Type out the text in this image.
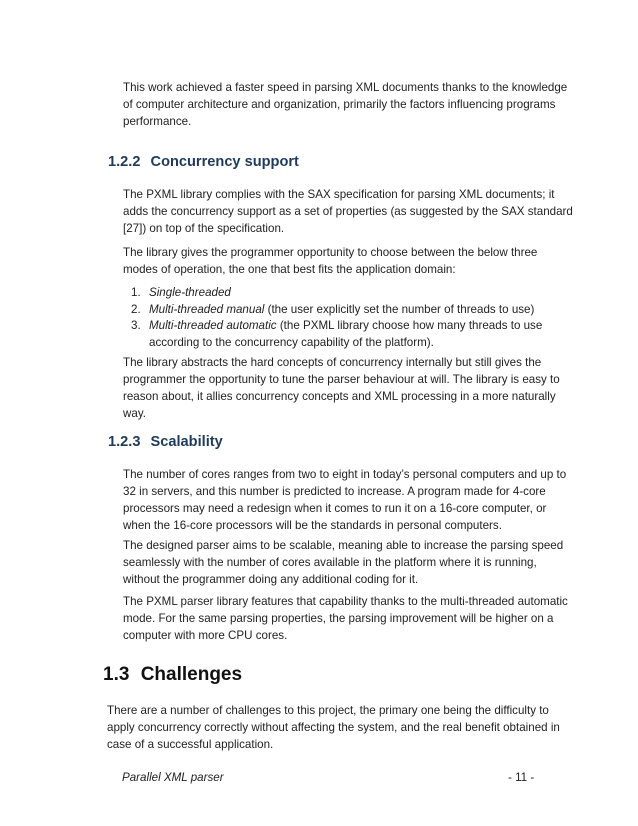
This work achieved a faster speed in parsing XML documents thanks to the knowledge of computer architecture and organization, primarily the factors influencing programs performance.
1.2.2 Concurrency support
The PXML library complies with the SAX specification for parsing XML documents; it adds the concurrency support as a set of properties (as suggested by the SAX standard [27]) on top of the specification.
The library gives the programmer opportunity to choose between the below three modes of operation, the one that best fits the application domain:
1. Single-threaded
2. Multi-threaded manual (the user explicitly set the number of threads to use)
3. Multi-threaded automatic (the PXML library choose how many threads to use according to the concurrency capability of the platform).
The library abstracts the hard concepts of concurrency internally but still gives the programmer the opportunity to tune the parser behaviour at will. The library is easy to reason about, it allies concurrency concepts and XML processing in a more naturally way.
1.2.3 Scalability
The number of cores ranges from two to eight in today’s personal computers and up to 32 in servers, and this number is predicted to increase. A program made for 4-core processors may need a redesign when it comes to run it on a 16-core computer, or when the 16-core processors will be the standards in personal computers.
The designed parser aims to be scalable, meaning able to increase the parsing speed seamlessly with the number of cores available in the platform where it is running, without the programmer doing any additional coding for it.
The PXML parser library features that capability thanks to the multi-threaded automatic mode. For the same parsing properties, the parsing improvement will be higher on a computer with more CPU cores.
1.3 Challenges
There are a number of challenges to this project, the primary one being the difficulty to apply concurrency correctly without affecting the system, and the real benefit obtained in case of a successful application.
Parallel XML parser	- 11 -
